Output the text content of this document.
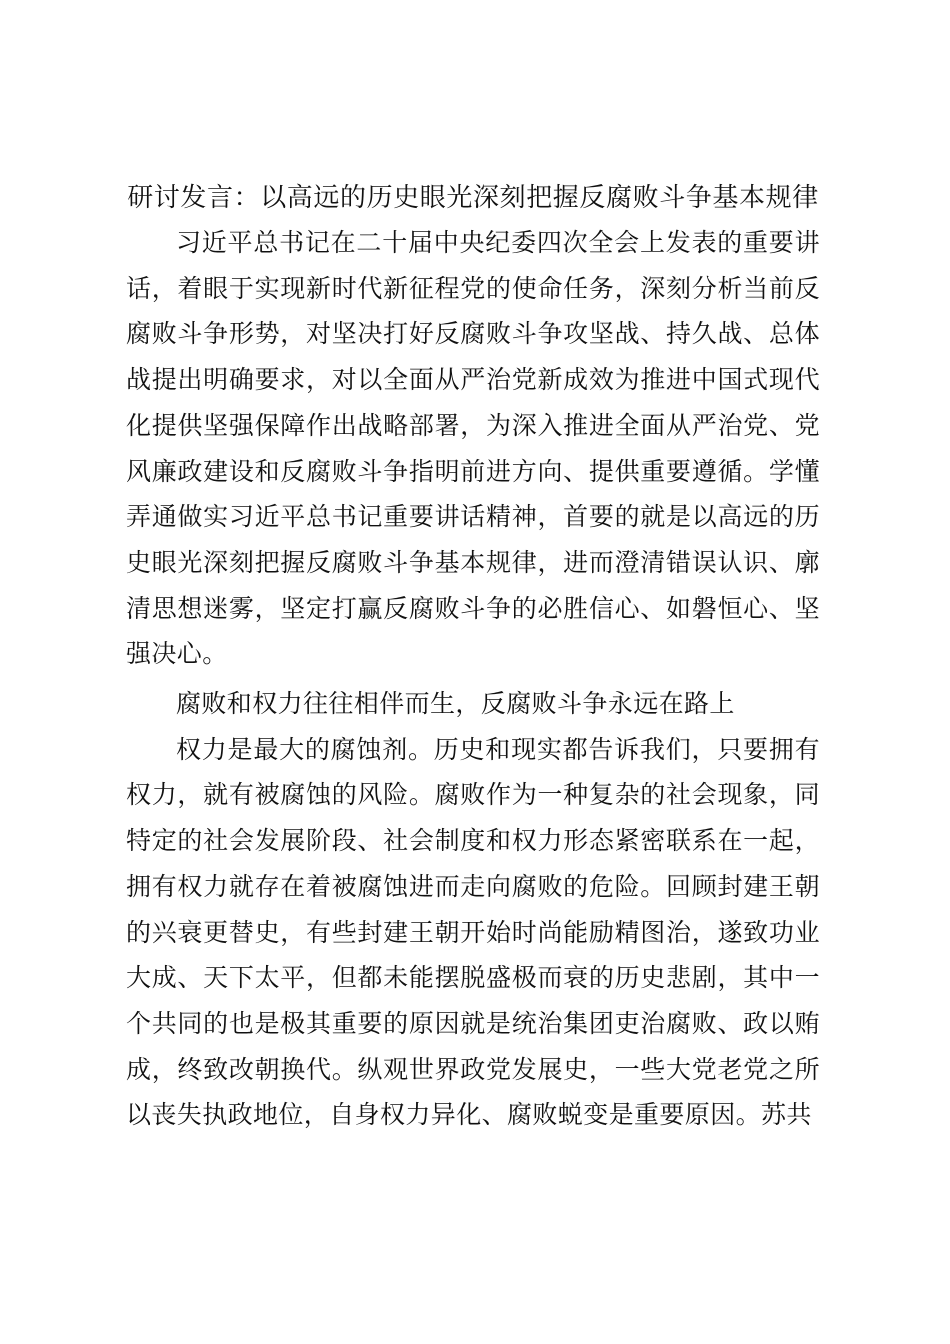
研讨发言：以高远的历史眼光深刻把握反腐败斗争基本规律

习近平总书记在二十届中央纪委四次全会上发表的重要讲话，着眼于实现新时代新征程党的使命任务，深刻分析当前反腐败斗争形势，对坚决打好反腐败斗争攻坚战、持久战、总体战提出明确要求，对以全面从严治党新成效为推进中国式现代化提供坚强保障作出战略部署，为深入推进全面从严治党、党风廉政建设和反腐败斗争指明前进方向、提供重要遵循。学懂弄通做实习近平总书记重要讲话精神，首要的就是以高远的历史眼光深刻把握反腐败斗争基本规律，进而澄清错误认识、廓清思想迷雾，坚定打赢反腐败斗争的必胜信心、如磐恒心、坚强决心。

腐败和权力往往相伴而生，反腐败斗争永远在路上

权力是最大的腐蚀剂。历史和现实都告诉我们，只要拥有权力，就有被腐蚀的风险。腐败作为一种复杂的社会现象，同特定的社会发展阶段、社会制度和权力形态紧密联系在一起，拥有权力就存在着被腐蚀进而走向腐败的危险。回顾封建王朝的兴衰更替史，有些封建王朝开始时尚能励精图治，遂致功业大成、天下太平，但都未能摆脱盛极而衰的历史悲剧，其中一个共同的也是极其重要的原因就是统治集团吏治腐败、政以贿成，终致改朝换代。纵观世界政党发展史，一些大党老党之所以丧失执政地位，自身权力异化、腐败蜕变是重要原因。苏共
